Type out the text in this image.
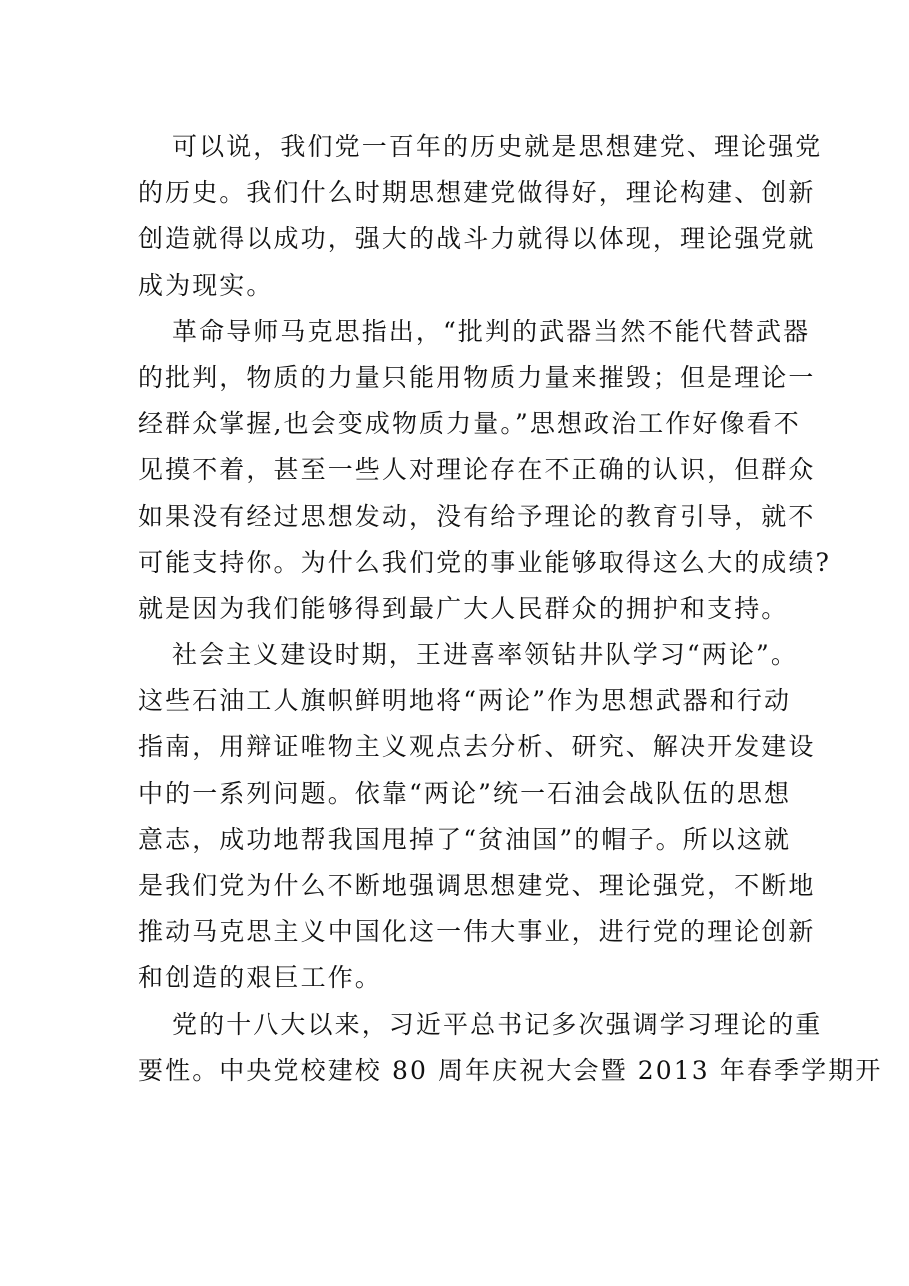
可以说，我们党一百年的历史就是思想建党、理论强党
的历史。我们什么时期思想建党做得好，理论构建、创新
创造就得以成功，强大的战斗力就得以体现，理论强党就
成为现实。
革命导师马克思指出，“批判的武器当然不能代替武器
的批判，物质的力量只能用物质力量来摧毁；但是理论一
经群众掌握,也会变成物质力量。”思想政治工作好像看不
见摸不着，甚至一些人对理论存在不正确的认识，但群众
如果没有经过思想发动，没有给予理论的教育引导，就不
可能支持你。为什么我们党的事业能够取得这么大的成绩?
就是因为我们能够得到最广大人民群众的拥护和支持。
社会主义建设时期，王进喜率领钻井队学习“两论”。
这些石油工人旗帜鲜明地将“两论”作为思想武器和行动
指南，用辩证唯物主义观点去分析、研究、解决开发建设
中的一系列问题。依靠“两论”统一石油会战队伍的思想
意志，成功地帮我国甩掉了“贫油国”的帽子。所以这就
是我们党为什么不断地强调思想建党、理论强党，不断地
推动马克思主义中国化这一伟大事业，进行党的理论创新
和创造的艰巨工作。
党的十八大以来，习近平总书记多次强调学习理论的重
要性。中央党校建校 80 周年庆祝大会暨 2013 年春季学期开
